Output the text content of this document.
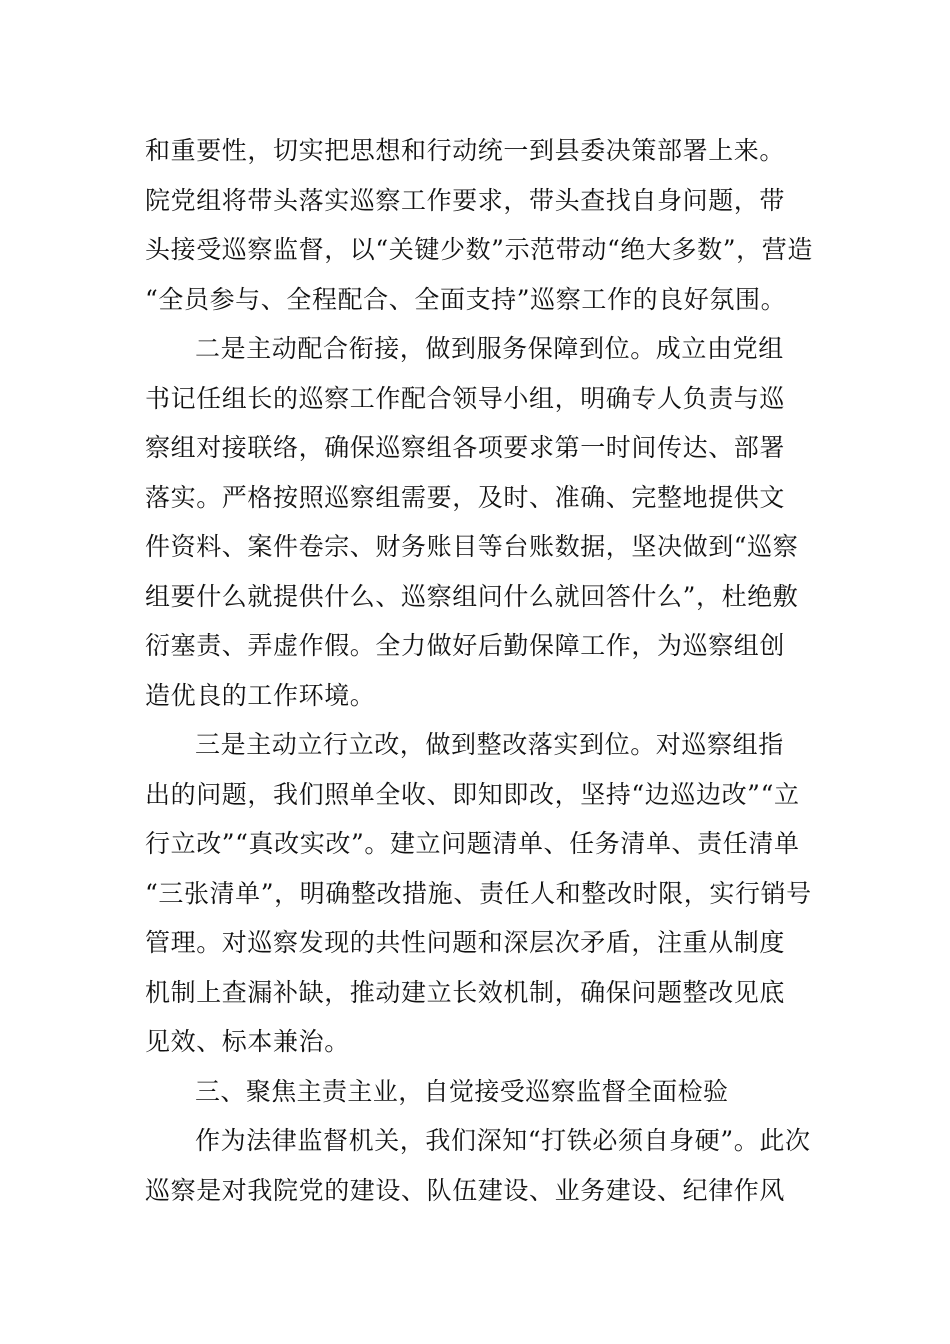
和重要性，切实把思想和行动统一到县委决策部署上来。
院党组将带头落实巡察工作要求，带头查找自身问题，带
头接受巡察监督，以“关键少数”示范带动“绝大多数”，营造
“全员参与、全程配合、全面支持”巡察工作的良好氛围。
二是主动配合衔接，做到服务保障到位。成立由党组
书记任组长的巡察工作配合领导小组，明确专人负责与巡
察组对接联络，确保巡察组各项要求第一时间传达、部署
落实。严格按照巡察组需要，及时、准确、完整地提供文
件资料、案件卷宗、财务账目等台账数据，坚决做到“巡察
组要什么就提供什么、巡察组问什么就回答什么”，杜绝敷
衍塞责、弄虚作假。全力做好后勤保障工作，为巡察组创
造优良的工作环境。
三是主动立行立改，做到整改落实到位。对巡察组指
出的问题，我们照单全收、即知即改，坚持“边巡边改”“立
行立改”“真改实改”。建立问题清单、任务清单、责任清单
“三张清单”，明确整改措施、责任人和整改时限，实行销号
管理。对巡察发现的共性问题和深层次矛盾，注重从制度
机制上查漏补缺，推动建立长效机制，确保问题整改见底
见效、标本兼治。
三、聚焦主责主业，自觉接受巡察监督全面检验
作为法律监督机关，我们深知“打铁必须自身硬”。此次
巡察是对我院党的建设、队伍建设、业务建设、纪律作风
